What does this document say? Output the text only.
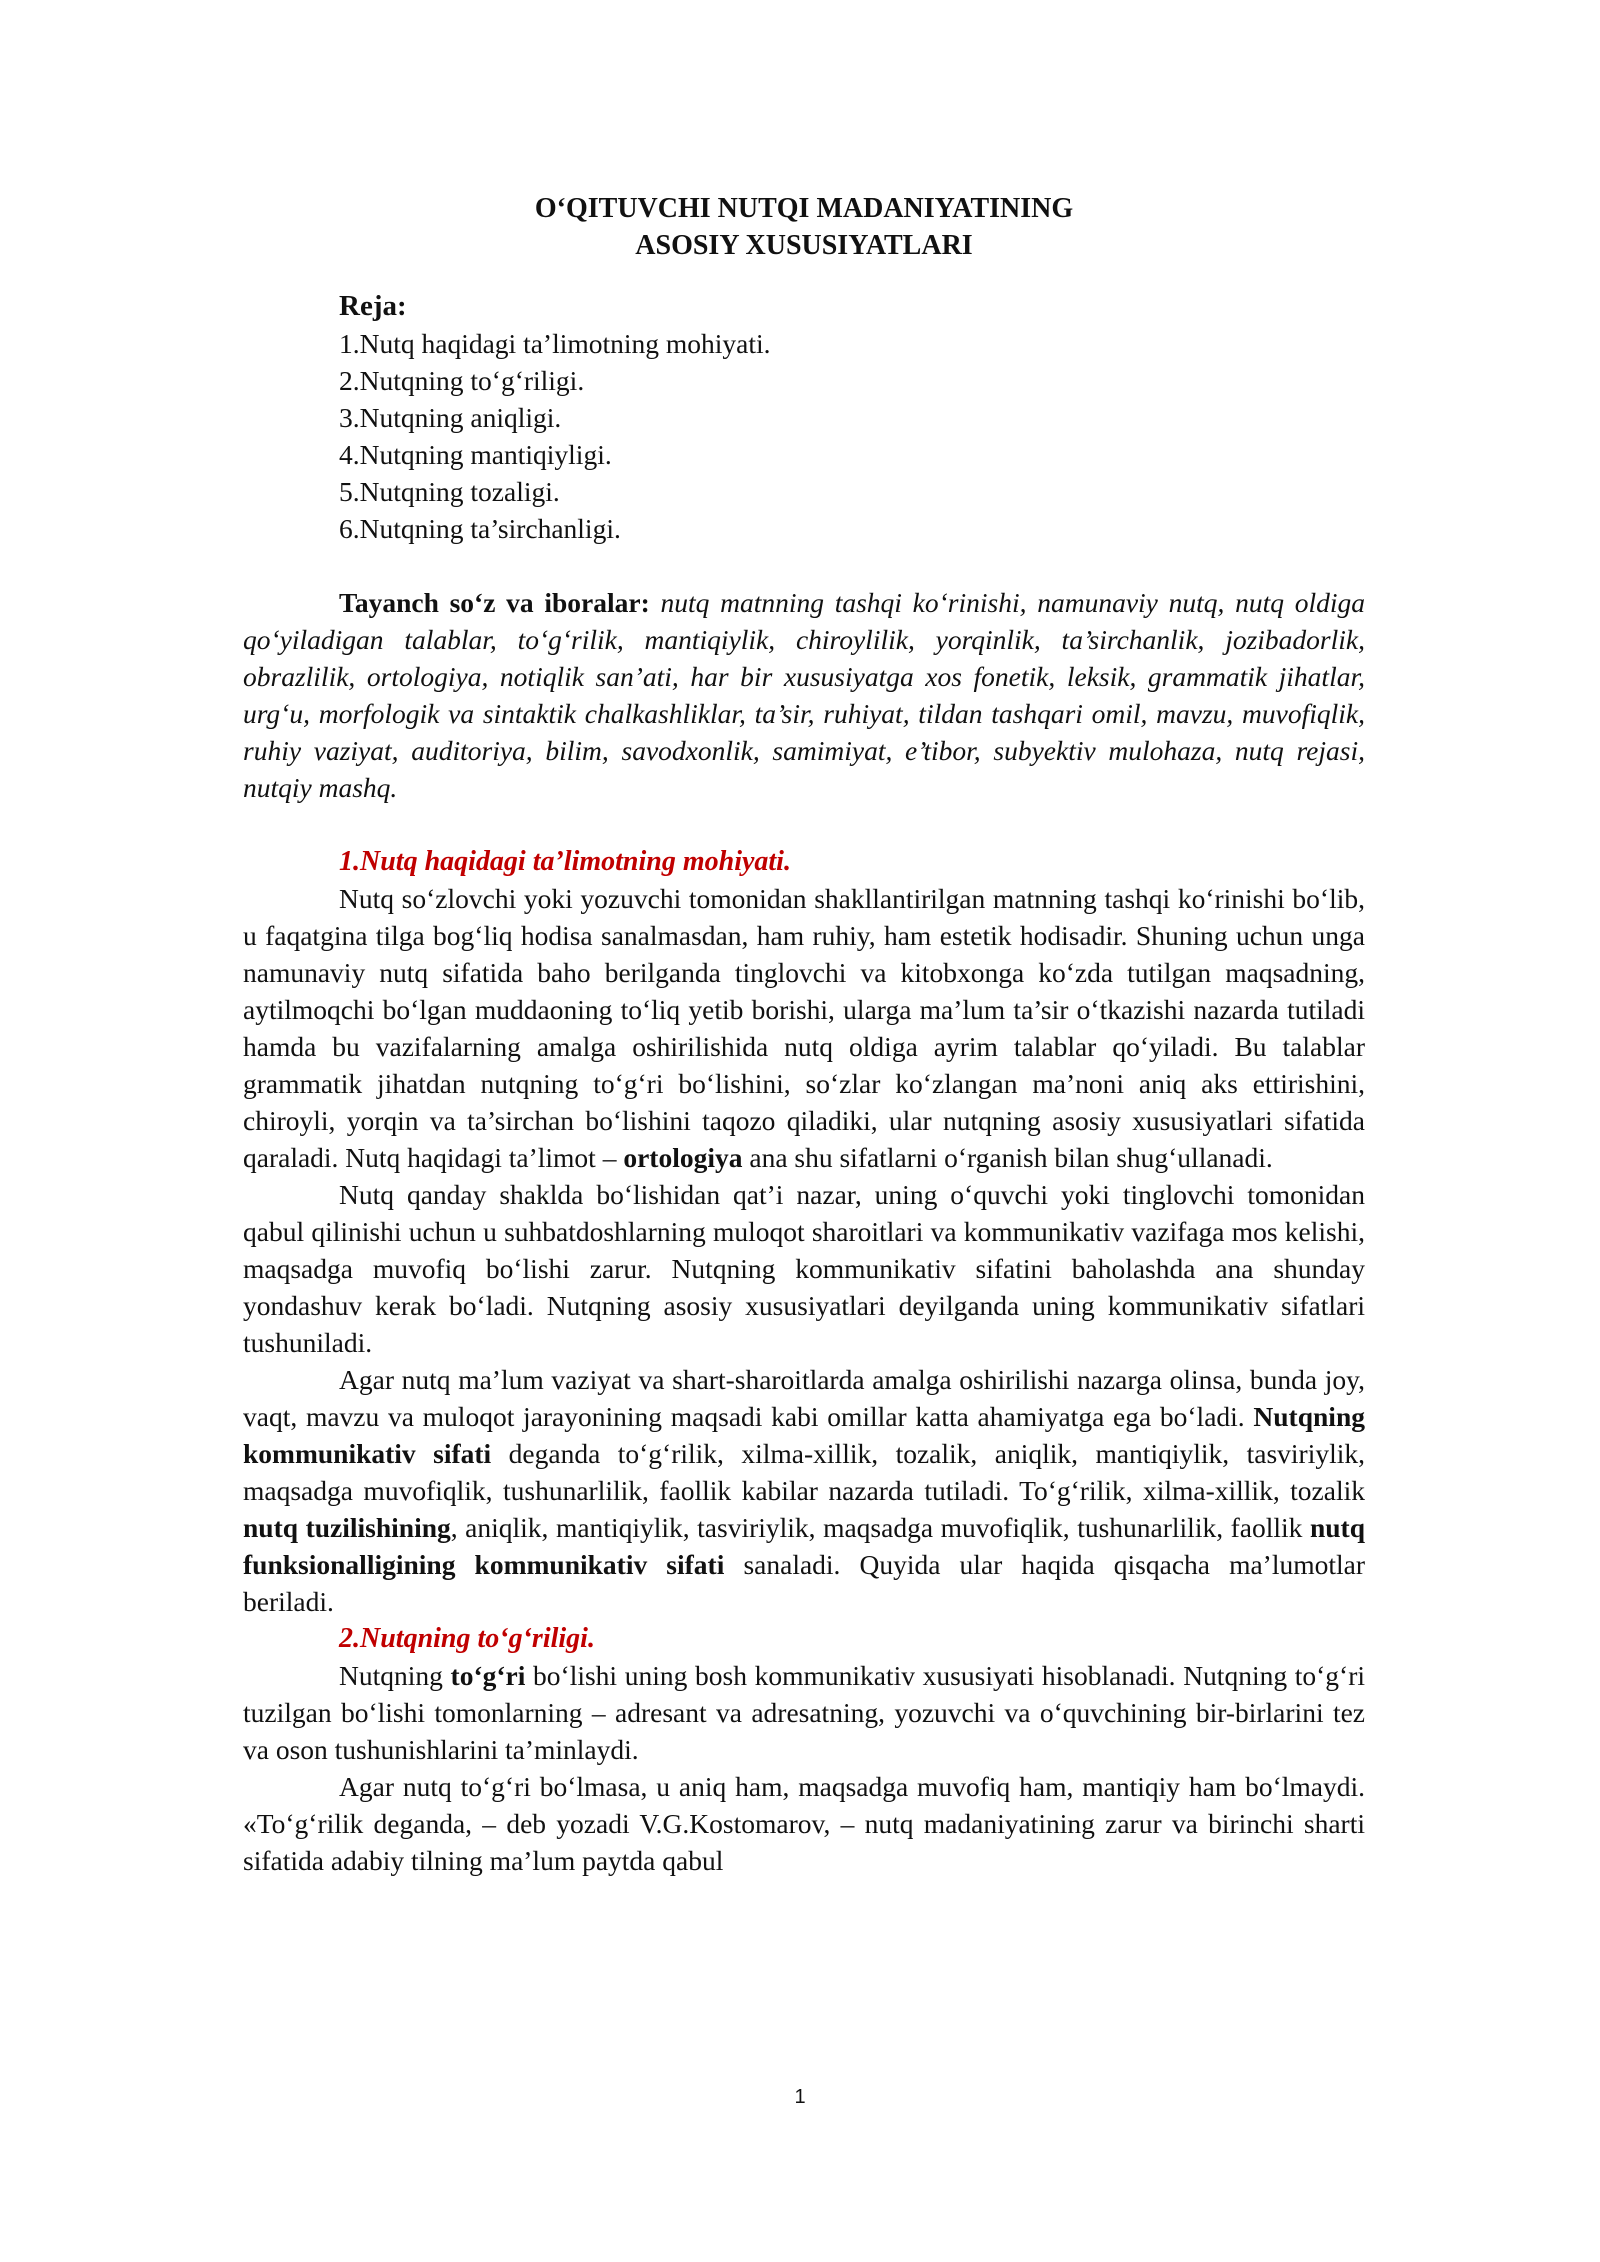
O‘QITUVCHI NUTQI MADANIYATINING
ASOSIY XUSUSIYATLARI
Reja:
1.Nutq haqidagi ta’limotning mohiyati.
2.Nutqning to‘g‘riligi.
3.Nutqning aniqligi.
4.Nutqning mantiqiyligi.
5.Nutqning tozaligi.
6.Nutqning ta’sirchanligi.

Tayanch so‘z va iboralar: nutq matnning tashqi ko‘rinishi, namunaviy nutq, nutq oldiga qo‘yiladigan talablar, to‘g‘rilik, mantiqiylik, chiroylilik, yorqinlik, ta’sirchanlik, jozibadorlik, obrazlilik, ortologiya, notiqlik san’ati, har bir xususiyatga xos fonetik, leksik, grammatik jihatlar, urg‘u, morfologik va sintaktik chalkashliklar, ta’sir, ruhiyat, tildan tashqari omil, mavzu, muvofiqlik, ruhiy vaziyat, auditoriya, bilim, savodxonlik, samimiyat, e’tibor, subyektiv mulohaza, nutq rejasi, nutqiy mashq.

1.Nutq haqidagi ta’limotning mohiyati.

Nutq so‘zlovchi yoki yozuvchi tomonidan shakllantirilgan matnning tashqi ko‘rinishi bo‘lib, u faqatgina tilga bog‘liq hodisa sanalmasdan, ham ruhiy, ham estetik hodisadir. Shuning uchun unga namunaviy nutq sifatida baho berilganda tinglovchi va kitobxonga ko‘zda tutilgan maqsadning, aytilmoqchi bo‘lgan muddaoning to‘liq yetib borishi, ularga ma’lum ta’sir o‘tkazishi nazarda tutiladi hamda bu vazifalarning amalga oshirilishida nutq oldiga ayrim talablar qo‘yiladi. Bu talablar grammatik jihatdan nutqning to‘g‘ri bo‘lishini, so‘zlar ko‘zlangan ma’noni aniq aks ettirishini, chiroyli, yorqin va ta’sirchan bo‘lishini taqozo qiladiki, ular nutqning asosiy xususiyatlari sifatida qaraladi. Nutq haqidagi ta’limot – ortologiya ana shu sifatlarni o‘rganish bilan shug‘ullanadi.

Nutq qanday shaklda bo‘lishidan qat’i nazar, uning o‘quvchi yoki tinglovchi tomonidan qabul qilinishi uchun u suhbatdoshlarning muloqot sharoitlari va kommunikativ vazifaga mos kelishi, maqsadga muvofiq bo‘lishi zarur. Nutqning kommunikativ sifatini baholashda ana shunday yondashuv kerak bo‘ladi. Nutqning asosiy xususiyatlari deyilganda uning kommunikativ sifatlari tushuniladi.

Agar nutq ma’lum vaziyat va shart-sharoitlarda amalga oshirilishi nazarga olinsa, bunda joy, vaqt, mavzu va muloqot jarayonining maqsadi kabi omillar katta ahamiyatga ega bo‘ladi. Nutqning kommunikativ sifati deganda to‘g‘rilik, xilma-xillik, tozalik, aniqlik, mantiqiylik, tasviriylik, maqsadga muvofiqlik, tushunarlilik, faollik kabilar nazarda tutiladi. To‘g‘rilik, xilma-xillik, tozalik nutq tuzilishining, aniqlik, mantiqiylik, tasviriylik, maqsadga muvofiqlik, tushunarlilik, faollik nutq funksionalligining kommunikativ sifati sanaladi. Quyida ular haqida qisqacha ma’lumotlar beriladi.

2.Nutqning to‘g‘riligi.

Nutqning to‘g‘ri bo‘lishi uning bosh kommunikativ xususiyati hisoblanadi. Nutqning to‘g‘ri tuzilgan bo‘lishi tomonlarning – adresant va adresatning, yozuvchi va o‘quvchining bir-birlarini tez va oson tushunishlarini ta’minlaydi.

Agar nutq to‘g‘ri bo‘lmasa, u aniq ham, maqsadga muvofiq ham, mantiqiy ham bo‘lmaydi. «To‘g‘rilik deganda, – deb yozadi V.G.Kostomarov, – nutq madaniyatining zarur va birinchi sharti sifatida adabiy tilning ma’lum paytda qabul

1
